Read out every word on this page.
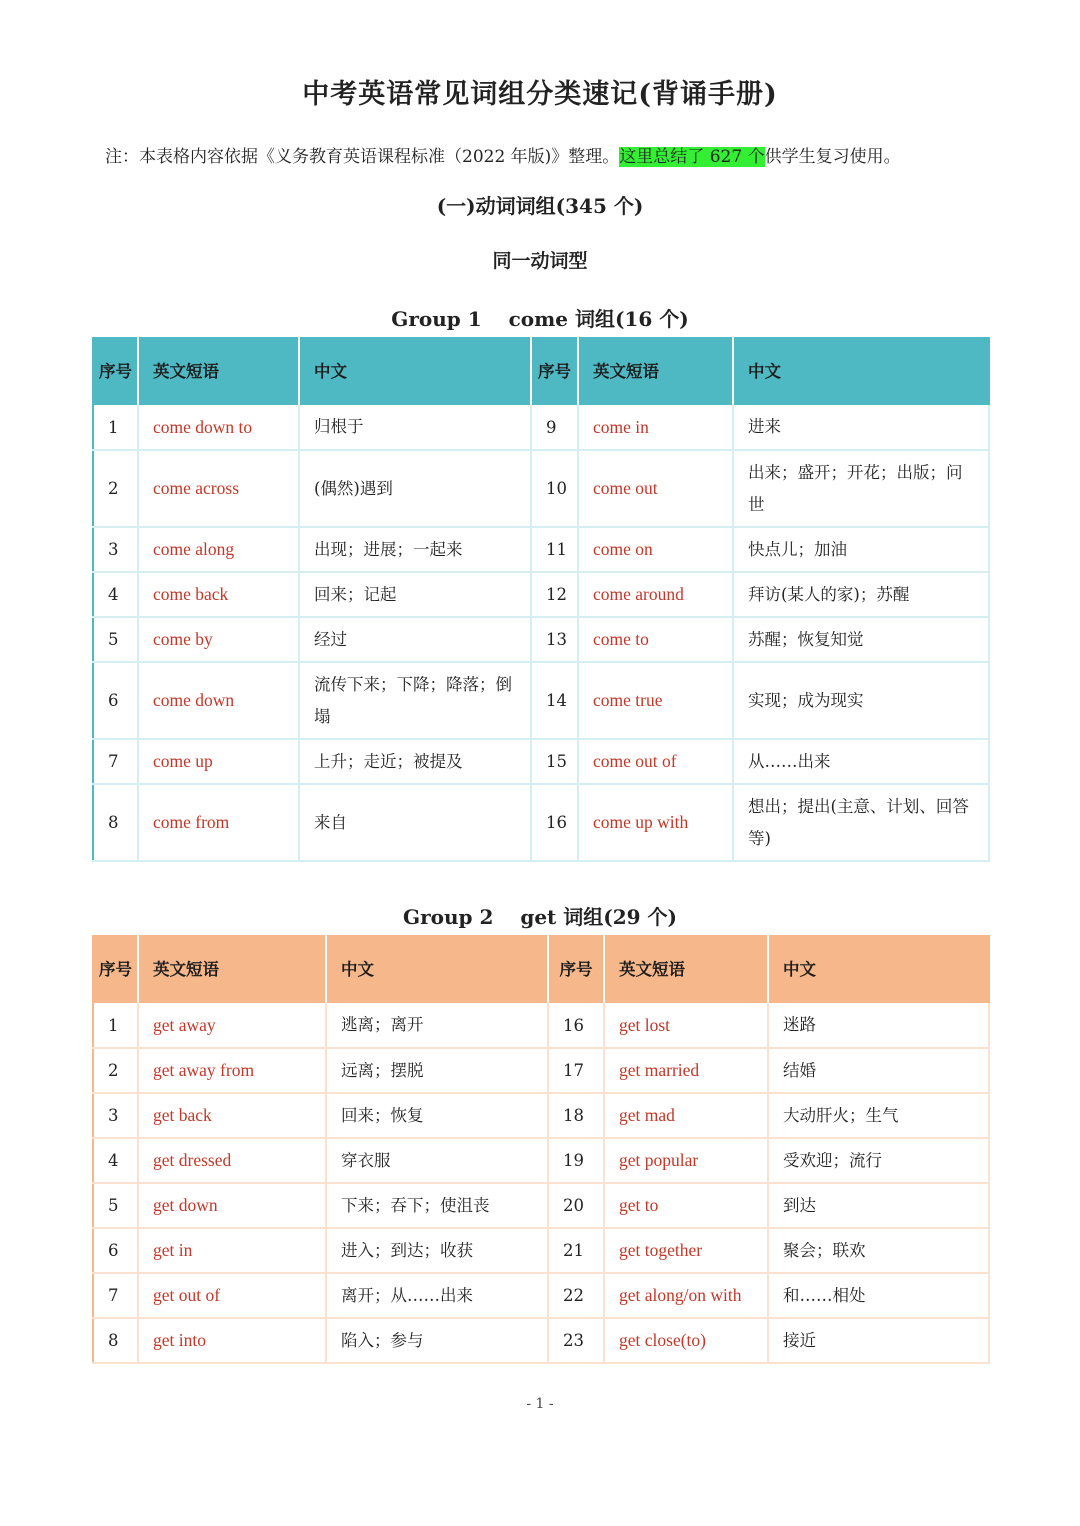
中考英语常见词组分类速记(背诵手册)
注：本表格内容依据《义务教育英语课程标准（2022 年版)》整理。这里总结了 627 个供学生复习使用。
(一)动词词组(345 个)
同一动词型
Group 1　 come 词组(16 个)
序号	英文短语	中文	序号	英文短语	中文
1	come down to	归根于	9	come in	进来
2	come across	(偶然)遇到	10	come out	出来；盛开；开花；出版；问世
3	come along	出现；进展；一起来	11	come on	快点儿；加油
4	come back	回来；记起	12	come around	拜访(某人的家)；苏醒
5	come by	经过	13	come to	苏醒；恢复知觉
6	come down	流传下来；下降；降落；倒塌	14	come true	实现；成为现实
7	come up	上升；走近；被提及	15	come out of	从……出来
8	come from	来自	16	come up with	想出；提出(主意、计划、回答等)
Group 2　 get 词组(29 个)
序号	英文短语	中文	序号	英文短语	中文
1	get away	逃离；离开	16	get lost	迷路
2	get away from	远离；摆脱	17	get married	结婚
3	get back	回来；恢复	18	get mad	大动肝火；生气
4	get dressed	穿衣服	19	get popular	受欢迎；流行
5	get down	下来；吞下；使沮丧	20	get to	到达
6	get in	进入；到达；收获	21	get together	聚会；联欢
7	get out of	离开；从……出来	22	get along/on with	和……相处
8	get into	陷入；参与	23	get close(to)	接近
- 1 -
